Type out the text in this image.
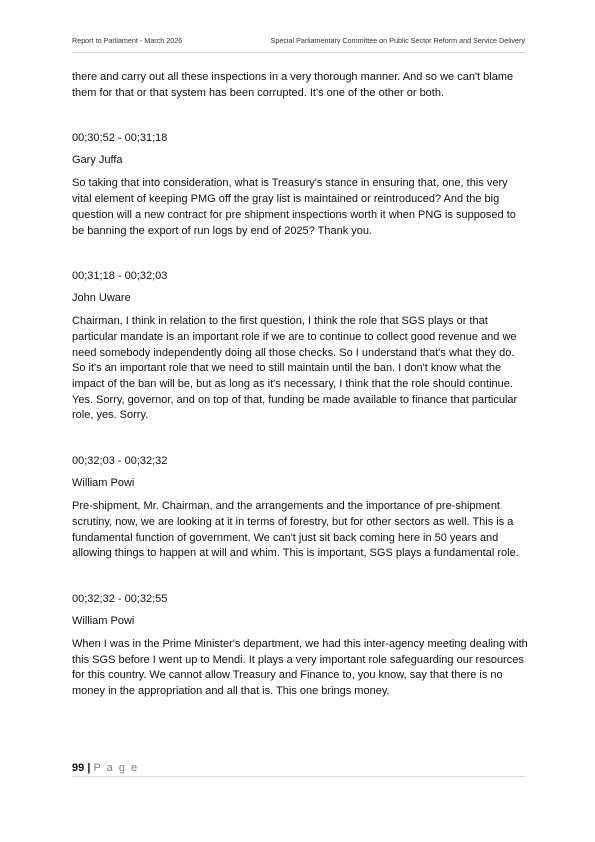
Report to Parliament - March 2026	Special Parliamentary Committee on Public Sector Reform and Service Delivery

there and carry out all these inspections in a very thorough manner. And so we can't blame them for that or that system has been corrupted. It's one of the other or both.

00;30;52 - 00;31;18

Gary Juffa

So taking that into consideration, what is Treasury's stance in ensuring that, one, this very vital element of keeping PMG off the gray list is maintained or reintroduced? And the big question will a new contract for pre shipment inspections worth it when PNG is supposed to be banning the export of run logs by end of 2025? Thank you.

00;31;18 - 00;32;03

John Uware

Chairman, I think in relation to the first question, I think the role that SGS plays or that particular mandate is an important role if we are to continue to collect good revenue and we need somebody independently doing all those checks. So I understand that's what they do. So it's an important role that we need to still maintain until the ban. I don't know what the impact of the ban will be, but as long as it's necessary, I think that the role should continue. Yes. Sorry, governor, and on top of that, funding be made available to finance that particular role, yes. Sorry.

00;32;03 - 00;32;32

William Powi

Pre-shipment, Mr. Chairman, and the arrangements and the importance of pre-shipment scrutiny, now, we are looking at it in terms of forestry, but for other sectors as well. This is a fundamental function of government. We can't just sit back coming here in 50 years and allowing things to happen at will and whim. This is important, SGS plays a fundamental role.

00;32;32 - 00;32;55

William Powi

When I was in the Prime Minister's department, we had this inter-agency meeting dealing with this SGS before I went up to Mendi. It plays a very important role safeguarding our resources for this country. We cannot allow Treasury and Finance to, you know, say that there is no money in the appropriation and all that is. This one brings money.

99 | P a g e
